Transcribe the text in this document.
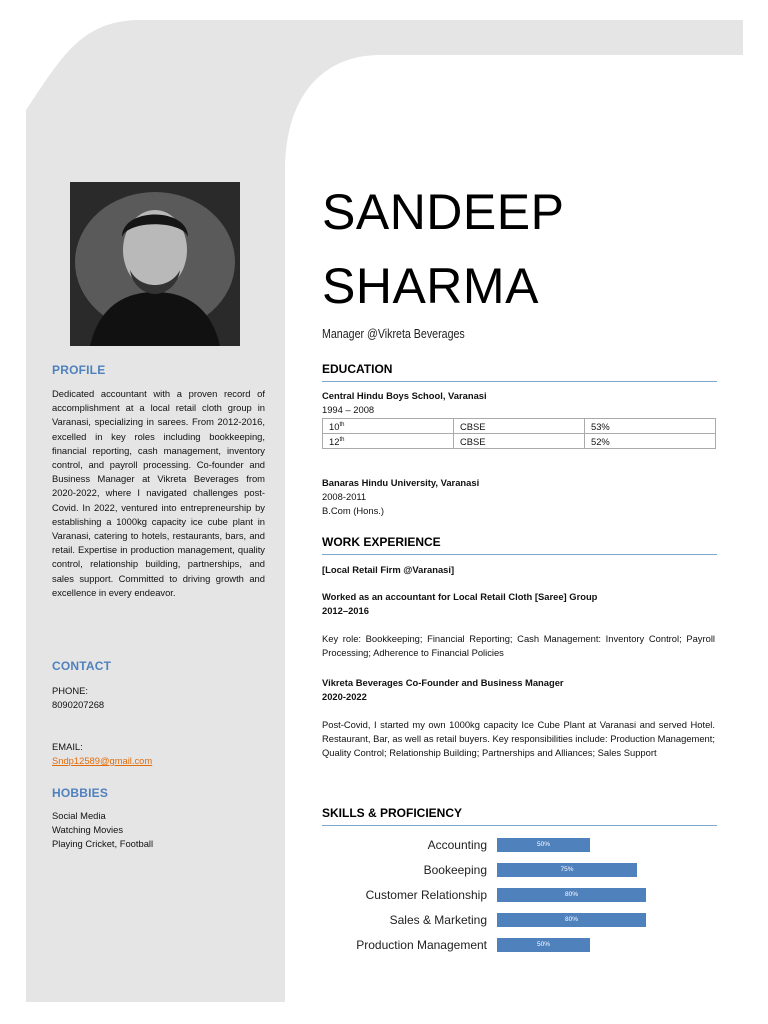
PROFILE
Dedicated accountant with a proven record of accomplishment at a local retail cloth group in Varanasi, specializing in sarees. From 2012-2016, excelled in key roles including bookkeeping, financial reporting, cash management, inventory control, and payroll processing. Co-founder and Business Manager at Vikreta Beverages from 2020-2022, where I navigated challenges post-Covid. In 2022, ventured into entrepreneurship by establishing a 1000kg capacity ice cube plant in Varanasi, catering to hotels, restaurants, bars, and retail. Expertise in production management, quality control, relationship building, partnerships, and sales support. Committed to driving growth and excellence in every endeavor.
CONTACT
PHONE:
8090207268
EMAIL:
Sndp12589@gmail.com
HOBBIES
Social Media
Watching Movies
Playing Cricket, Football
SANDEEP
SHARMA
Manager @Vikreta Beverages
EDUCATION
Central Hindu Boys School, Varanasi
1994 – 2008
10th	CBSE	53%
12th	CBSE	52%
Banaras Hindu University, Varanasi
2008-2011
B.Com (Hons.)
WORK EXPERIENCE
[Local Retail Firm @Varanasi]
Worked as an accountant for Local Retail Cloth [Saree] Group
2012–2016
Key role: Bookkeeping; Financial Reporting; Cash Management: Inventory Control; Payroll Processing; Adherence to Financial Policies
Vikreta Beverages Co-Founder and Business Manager
2020-2022
Post-Covid, I started my own 1000kg capacity Ice Cube Plant at Varanasi and served Hotel. Restaurant, Bar, as well as retail buyers. Key responsibilities include: Production Management; Quality Control; Relationship Building; Partnerships and Alliances; Sales Support
SKILLS & PROFICIENCY
Accounting	50%
Bookeeping	75%
Customer Relationship	80%
Sales & Marketing	80%
Production Management	50%
